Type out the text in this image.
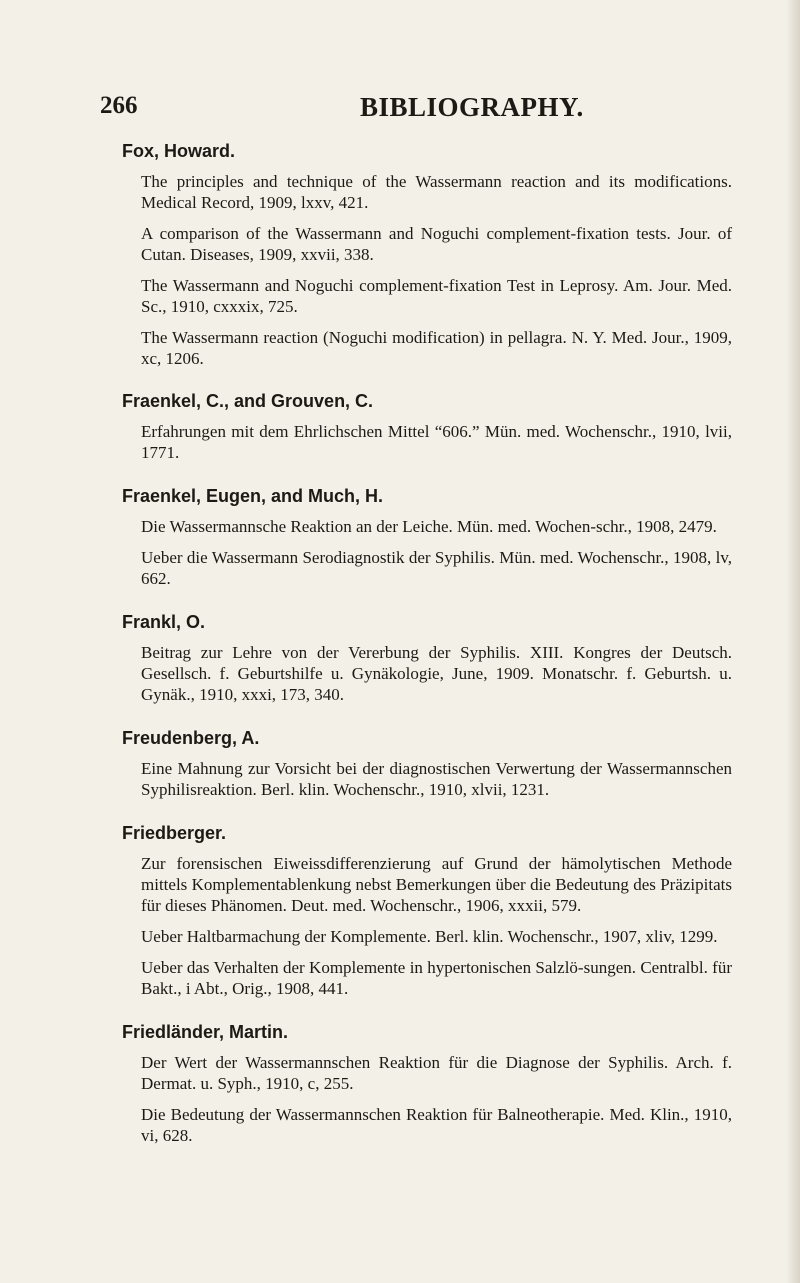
266	BIBLIOGRAPHY.
Fox, Howard.
The principles and technique of the Wassermann reaction and its modifications. Medical Record, 1909, lxxv, 421.
A comparison of the Wassermann and Noguchi complement-fixation tests. Jour. of Cutan. Diseases, 1909, xxvii, 338.
The Wassermann and Noguchi complement-fixation Test in Leprosy. Am. Jour. Med. Sc., 1910, cxxxix, 725.
The Wassermann reaction (Noguchi modification) in pellagra. N. Y. Med. Jour., 1909, xc, 1206.
Fraenkel, C., and Grouven, C.
Erfahrungen mit dem Ehrlichschen Mittel “606.” Mün. med. Wochenschr., 1910, lvii, 1771.
Fraenkel, Eugen, and Much, H.
Die Wassermannsche Reaktion an der Leiche. Mün. med. Wochen-schr., 1908, 2479.
Ueber die Wassermann Serodiagnostik der Syphilis. Mün. med. Wochenschr., 1908, lv, 662.
Frankl, O.
Beitrag zur Lehre von der Vererbung der Syphilis. XIII. Kongres der Deutsch. Gesellsch. f. Geburtshilfe u. Gynäkologie, June, 1909. Monatschr. f. Geburtsh. u. Gynäk., 1910, xxxi, 173, 340.
Freudenberg, A.
Eine Mahnung zur Vorsicht bei der diagnostischen Verwertung der Wassermannschen Syphilisreaktion. Berl. klin. Wochenschr., 1910, xlvii, 1231.
Friedberger.
Zur forensischen Eiweissdifferenzierung auf Grund der hämolytischen Methode mittels Komplementablenkung nebst Bemerkungen über die Bedeutung des Präzipitats für dieses Phänomen. Deut. med. Wochenschr., 1906, xxxii, 579.
Ueber Haltbarmachung der Komplemente. Berl. klin. Wochenschr., 1907, xliv, 1299.
Ueber das Verhalten der Komplemente in hypertonischen Salzlö-sungen. Centralbl. für Bakt., i Abt., Orig., 1908, 441.
Friedländer, Martin.
Der Wert der Wassermannschen Reaktion für die Diagnose der Syphilis. Arch. f. Dermat. u. Syph., 1910, c, 255.
Die Bedeutung der Wassermannschen Reaktion für Balneotherapie. Med. Klin., 1910, vi, 628.
